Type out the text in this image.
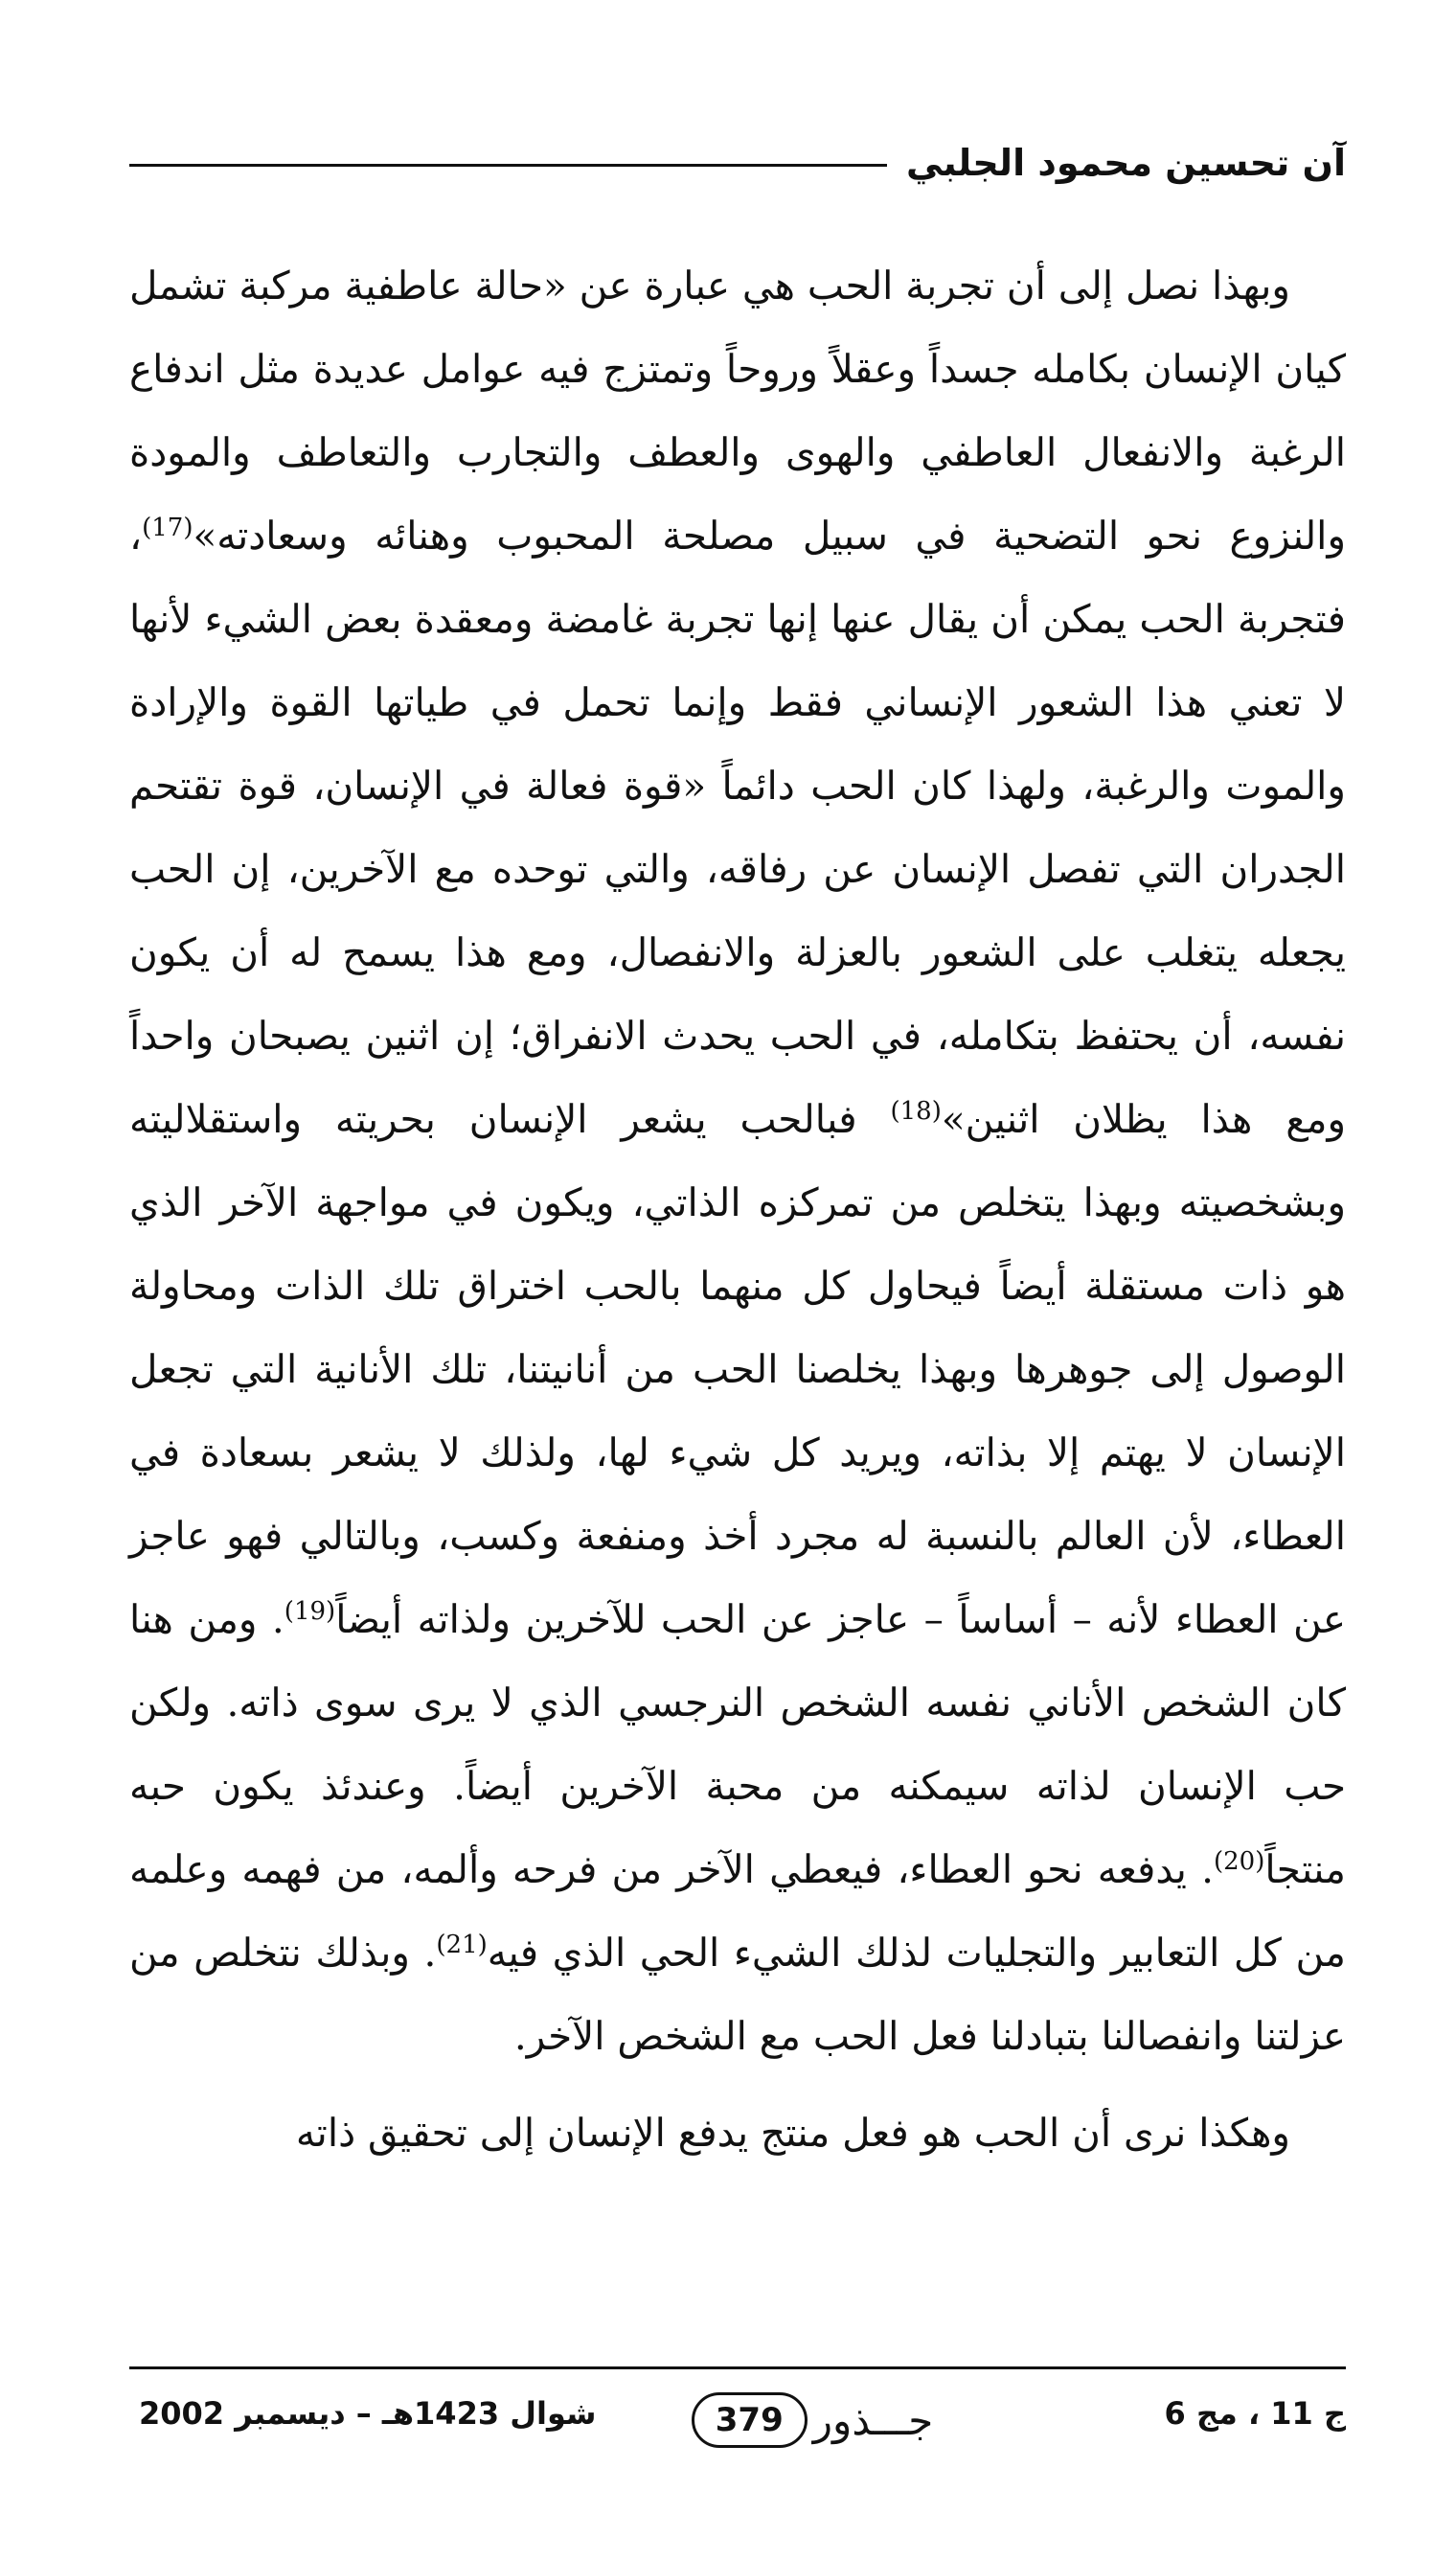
آن تحسين محمود الجلبي

وبهذا نصل إلى أن تجربة الحب هي عبارة عن «حالة عاطفية مركبة تشمل كيان الإنسان بكامله جسداً وعقلاً وروحاً وتمتزج فيه عوامل عديدة مثل اندفاع الرغبة والانفعال العاطفي والهوى والعطف والتجارب والتعاطف والمودة والنزوع نحو التضحية في سبيل مصلحة المحبوب وهنائه وسعادته»$^{(17)}$، فتجربة الحب يمكن أن يقال عنها إنها تجربة غامضة ومعقدة بعض الشيء لأنها لا تعني هذا الشعور الإنساني فقط وإنما تحمل في طياتها القوة والإرادة والموت والرغبة، ولهذا كان الحب دائماً «قوة فعالة في الإنسان، قوة تقتحم الجدران التي تفصل الإنسان عن رفاقه، والتي توحده مع الآخرين، إن الحب يجعله يتغلب على الشعور بالعزلة والانفصال، ومع هذا يسمح له أن يكون نفسه، أن يحتفظ بتكامله، في الحب يحدث الانفراق؛ إن اثنين يصبحان واحداً ومع هذا يظلان اثنين»$^{(18)}$ فبالحب يشعر الإنسان بحريته واستقلاليته وبشخصيته وبهذا يتخلص من تمركزه الذاتي، ويكون في مواجهة الآخر الذي هو ذات مستقلة أيضاً فيحاول كل منهما بالحب اختراق تلك الذات ومحاولة الوصول إلى جوهرها وبهذا يخلصنا الحب من أنانيتنا، تلك الأنانية التي تجعل الإنسان لا يهتم إلا بذاته، ويريد كل شيء لها، ولذلك لا يشعر بسعادة في العطاء، لأن العالم بالنسبة له مجرد أخذ ومنفعة وكسب، وبالتالي فهو عاجز عن العطاء لأنه – أساساً – عاجز عن الحب للآخرين ولذاته أيضاً$^{(19)}$. ومن هنا كان الشخص الأناني نفسه الشخص النرجسي الذي لا يرى سوى ذاته. ولكن حب الإنسان لذاته سيمكنه من محبة الآخرين أيضاً. وعندئذ يكون حبه منتجاً$^{(20)}$. يدفعه نحو العطاء، فيعطي الآخر من فرحه وألمه، من فهمه وعلمه من كل التعابير والتجليات لذلك الشيء الحي الذي فيه$^{(21)}$. وبذلك نتخلص من عزلتنا وانفصالنا بتبادلنا فعل الحب مع الشخص الآخر.

وهكذا نرى أن الحب هو فعل منتج يدفع الإنسان إلى تحقيق ذاته

ج 11 ، مج 6
جـــذور
379
شوال 1423هـ – ديسمبر 2002
